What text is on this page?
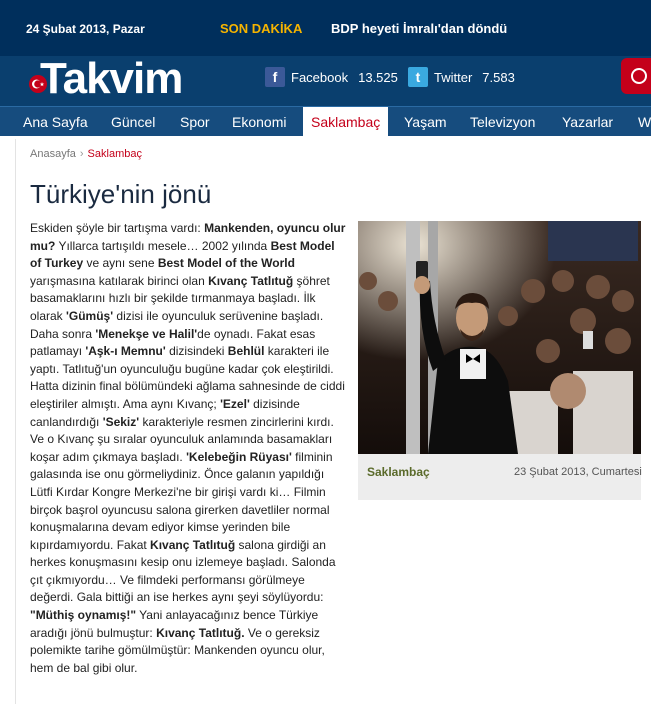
24 Şubat 2013, Pazar	SON DAKİKA BDP heyeti İmralı'dan döndü
Takvim	f	Facebook 13.525	t	Twitter 7.583
Ana Sayfa Güncel Spor Ekonomi	Saklambaç	Yaşam Televizyon Yazarlar W
Anasayfa › Saklambaç
Türkiye'nin jönü
Eskiden şöyle bir tartışma vardı: Mankenden, oyuncu olur mu? Yıllarca tartışıldı mesele… 2002 yılında Best Model of Turkey ve aynı sene Best Model of the World yarışmasına katılarak birinci olan Kıvanç Tatlıtuğ şöhret basamaklarını hızlı bir şekilde tırmanmaya başladı. İlk olarak 'Gümüş' dizisi ile oyunculuk serüvenine başladı. Daha sonra 'Menekşe ve Halil'de oynadı. Fakat esas patlamayı 'Aşk-ı Memnu' dizisindeki Behlül karakteri ile yaptı. Tatlıtuğ'un oyunculuğu bugüne kadar çok eleştirildi. Hatta dizinin final bölümündeki ağlama sahnesinde de ciddi eleştiriler almıştı. Ama aynı Kıvanç; 'Ezel' dizisinde canlandırdığı 'Sekiz' karakteriyle resmen zincirlerini kırdı. Ve o Kıvanç şu sıralar oyunculuk anlamında basamakları koşar adım çıkmaya başladı. 'Kelebeğin Rüyası' filminin galasında ise onu görmeliydiniz. Önce galanın yapıldığı Lütfi Kırdar Kongre Merkezi'ne bir girişi vardı ki… Filmin birçok başrol oyuncusu salona girerken davetliler normal konuşmalarına devam ediyor kimse yerinden bile kıpırdamıyordu. Fakat Kıvanç Tatlıtuğ salona girdiği an herkes konuşmasını kesip onu izlemeye başladı. Salonda çıt çıkmıyordu… Ve filmdeki performansı görülmeye değerdi. Gala bittiği an ise herkes aynı şeyi söylüyordu: "Müthiş oynamış!" Yani anlayacağınız bence Türkiye aradığı jönü bulmuştur: Kıvanç Tatlıtuğ. Ve o gereksiz polemikte tarihe gömülmüştür: Mankenden oyuncu olur, hem de bal gibi olur.
Saklambaç	23 Şubat 2013, Cumartesi
